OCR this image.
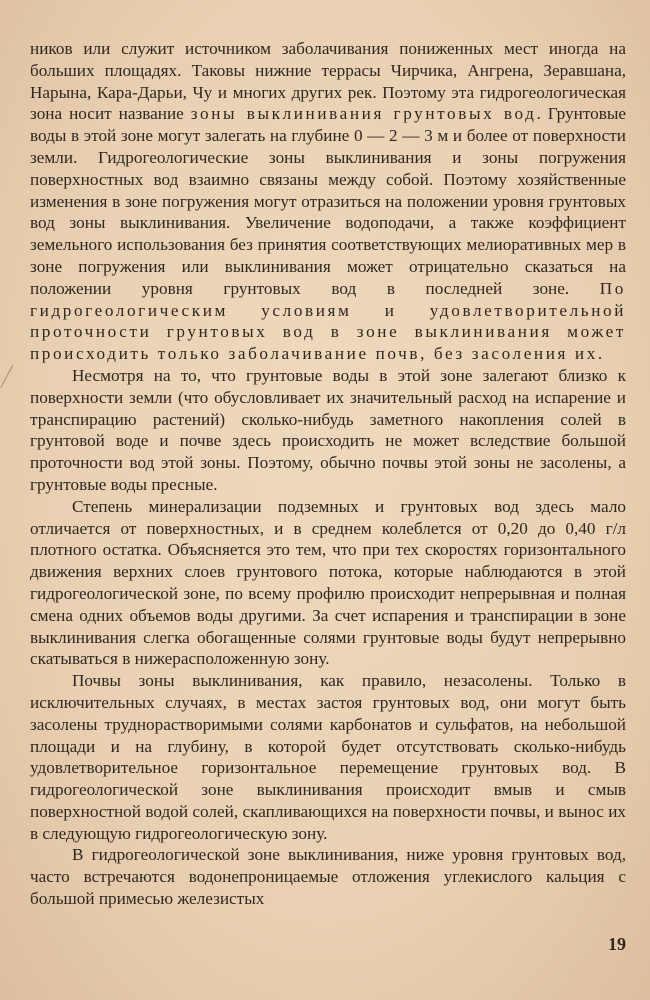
ников или служит источником заболачивания пониженных мест иногда на больших площадях. Таковы нижние террасы Чирчика, Ангрена, Зеравшана, Нарына, Кара-Дарьи, Чу и многих других рек. Поэтому эта гидрогеологическая зона носит название зоны выклинивания грунтовых вод. Грунтовые воды в этой зоне могут залегать на глубине 0 — 2 — 3 м и более от поверхности земли. Гидрогеологические зоны выклинивания и зоны погружения поверхностных вод взаимно связаны между собой. Поэтому хозяйственные изменения в зоне погружения могут отразиться на положении уровня грунтовых вод зоны выклинивания. Увеличение водоподачи, а также коэффициент земельного использования без принятия соответствующих мелиоративных мер в зоне погружения или выклинивания может отрицательно сказаться на положении уровня грунтовых вод в последней зоне. По гидрогеологическим условиям и удовлетворительной проточности грунтовых вод в зоне выклинивания может происходить только заболачивание почв, без засоления их.

Несмотря на то, что грунтовые воды в этой зоне залегают близко к поверхности земли (что обусловливает их значительный расход на испарение и транспирацию растений) сколько-нибудь заметного накопления солей в грунтовой воде и почве здесь происходить не может вследствие большой проточности вод этой зоны. Поэтому, обычно почвы этой зоны не засолены, а грунтовые воды пресные.

Степень минерализации подземных и грунтовых вод здесь мало отличается от поверхностных, и в среднем колеблется от 0,20 до 0,40 г/л плотного остатка. Объясняется это тем, что при тех скоростях горизонтального движения верхних слоев грунтового потока, которые наблюдаются в этой гидрогеологической зоне, по всему профилю происходит непрерывная и полная смена одних объемов воды другими. За счет испарения и транспирации в зоне выклинивания слегка обогащенные солями грунтовые воды будут непрерывно скатываться в нижерасположенную зону.

Почвы зоны выклинивания, как правило, незасолены. Только в исключительных случаях, в местах застоя грунтовых вод, они могут быть засолены труднорастворимыми солями карбонатов и сульфатов, на небольшой площади и на глубину, в которой будет отсутствовать сколько-нибудь удовлетворительное горизонтальное перемещение грунтовых вод. В гидрогеологической зоне выклинивания происходит вмыв и смыв поверхностной водой солей, скапливающихся на поверхности почвы, и вынос их в следующую гидрогеологическую зону.

В гидрогеологической зоне выклинивания, ниже уровня грунтовых вод, часто встречаются водонепроницаемые отложения углекислого кальция с большой примесью железистых

19
